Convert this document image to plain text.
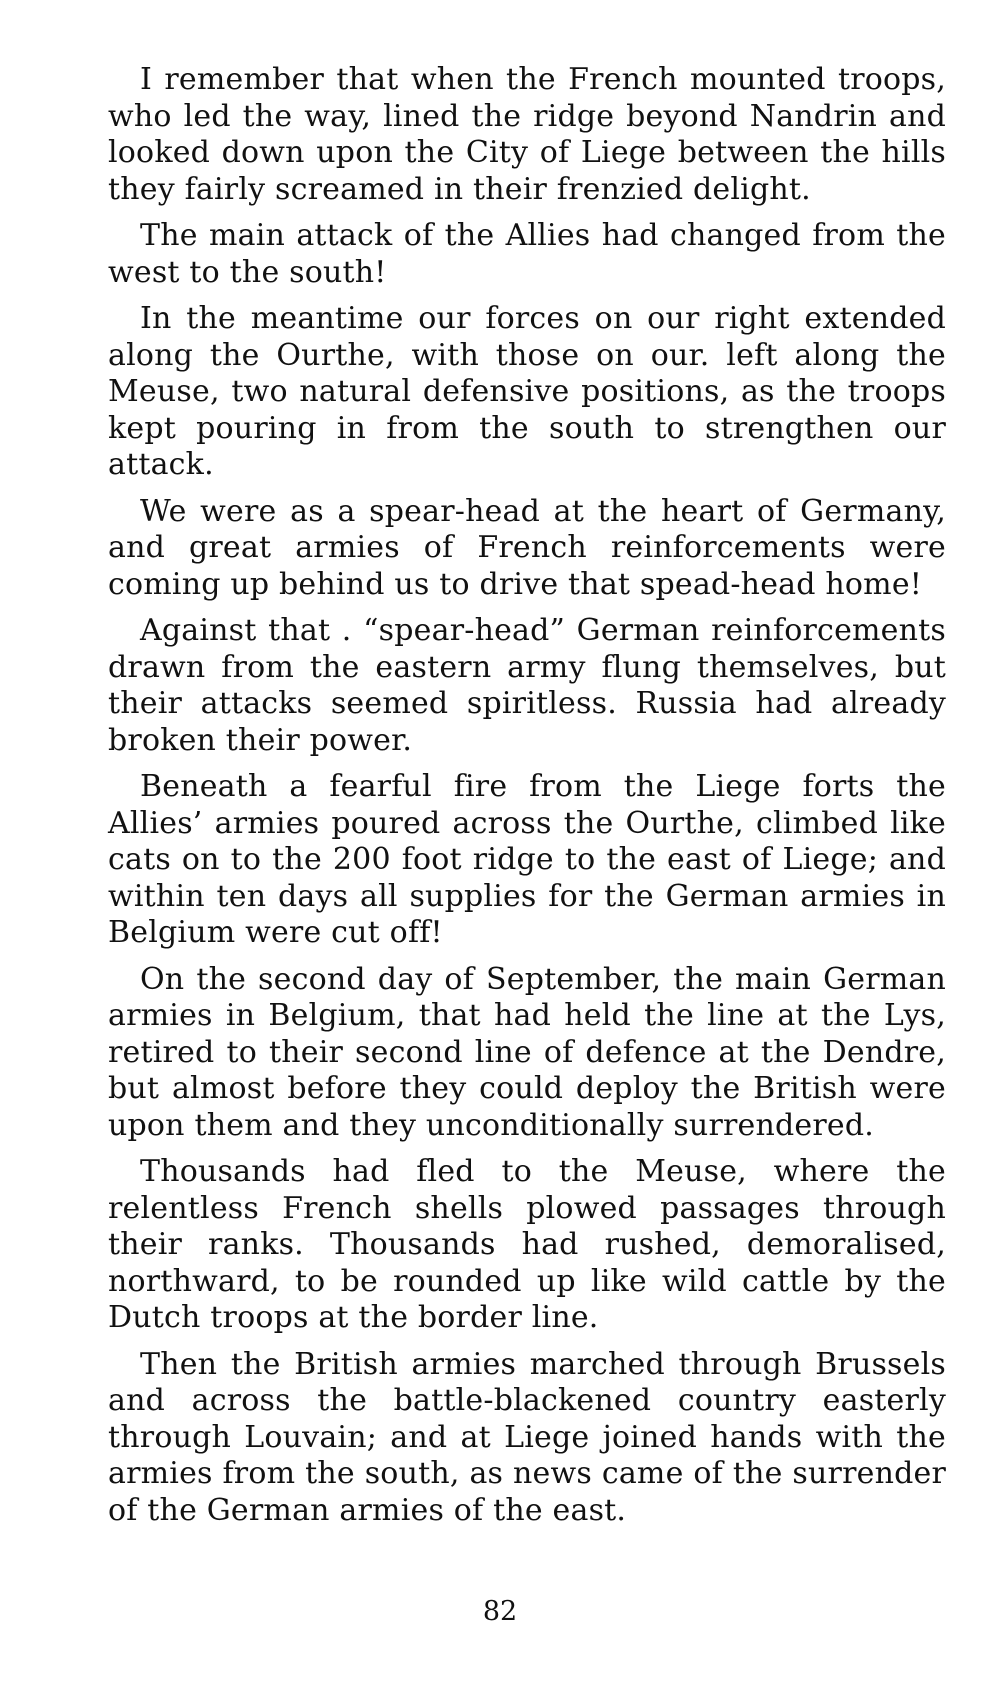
I remember that when the French mounted troops, who led the way, lined the ridge beyond Nandrin and looked down upon the City of Liege between the hills they fairly screamed in their frenzied delight.

The main attack of the Allies had changed from the west to the south!

In the meantime our forces on our right extended along the Ourthe, with those on our. left along the Meuse, two natural defensive positions, as the troops kept pouring in from the south to strengthen our attack.

We were as a spear-head at the heart of Germany, and great armies of French reinforcements were coming up behind us to drive that spead-head home!

Against that . “spear-head” German reinforcements drawn from the eastern army flung themselves, but their attacks seemed spiritless. Russia had already broken their power.

Beneath a fearful fire from the Liege forts the Allies’ armies poured across the Ourthe, climbed like cats on to the 200 foot ridge to the east of Liege; and within ten days all supplies for the German armies in Belgium were cut off!

On the second day of September, the main German armies in Belgium, that had held the line at the Lys, retired to their second line of defence at the Dendre, but almost before they could deploy the British were upon them and they unconditionally surrendered.

Thousands had fled to the Meuse, where the relentless French shells plowed passages through their ranks. Thousands had rushed, demoralised, northward, to be rounded up like wild cattle by the Dutch troops at the border line.

Then the British armies marched through Brussels and across the battle-blackened country easterly through Louvain; and at Liege joined hands with the armies from the south, as news came of the surrender of the German armies of the east.

82
